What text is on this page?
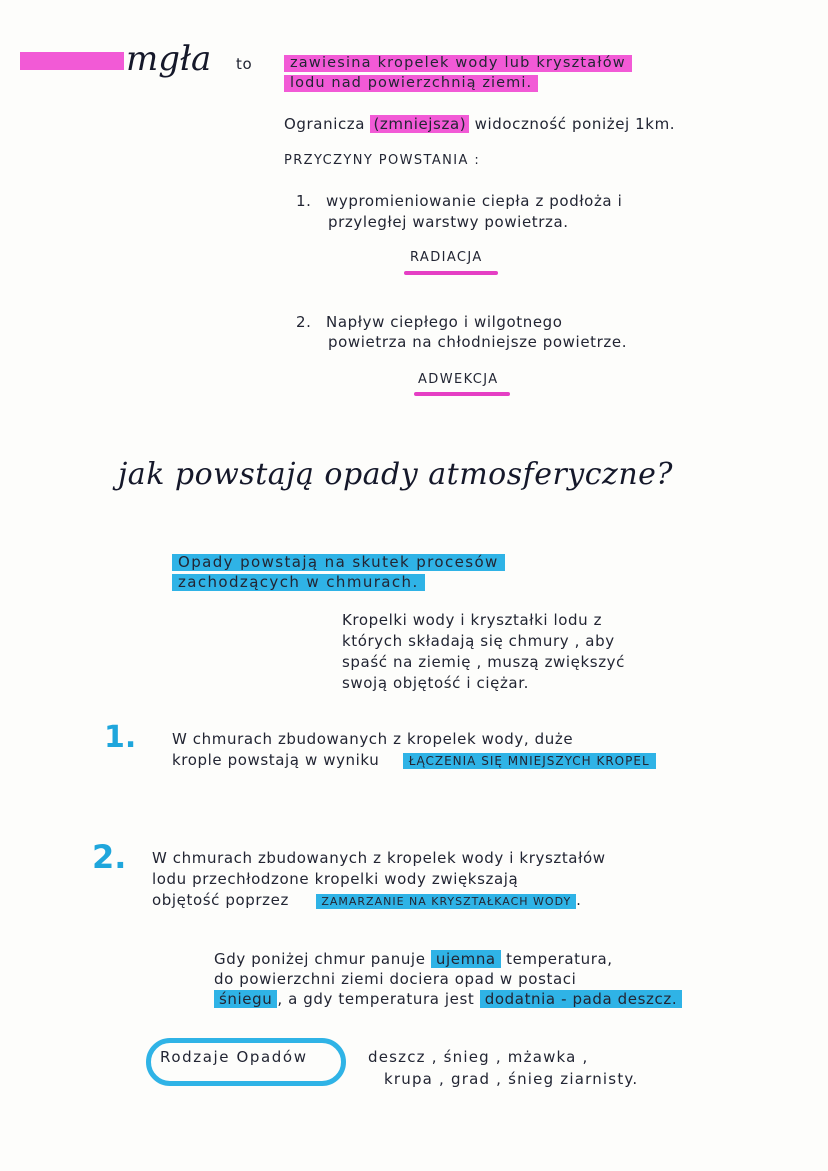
mgła to	zawiesina kropelek wody lub kryształów
lodu nad powierzchnią ziemi.
Ogranicza (zmniejsza) widoczność poniżej 1km.
PRZYCZYNY POWSTANIA :
1. wypromieniowanie ciepła z podłoża i
przyległej warstwy powietrza.
RADIACJA
2. Napływ ciepłego i wilgotnego
powietrza na chłodniejsze powietrze.
ADWEKCJA
jak powstają opady atmosferyczne?
Opady powstają na skutek procesów
zachodzących w chmurach.
Kropelki wody i kryształki lodu z
których składają się chmury , aby
spaść na ziemię , muszą zwiększyć
swoją objętość i ciężar.
1. W chmurach zbudowanych z kropelek wody, duże
krople powstają w wyniku ŁĄCZENIA SIĘ MNIEJSZYCH KROPEL
2. W chmurach zbudowanych z kropelek wody i kryształów
lodu przechłodzone kropelki wody zwiększają
objętość poprzez	ZAMARZANIE NA KRYSZTAŁKACH WODY .
Gdy poniżej chmur panuje ujemna temperatura,
do powierzchni ziemi dociera opad w postaci
śniegu , a gdy temperatura jest dodatnia - pada deszcz.
Rodzaje Opadów	deszcz , śnieg , mżawka ,
krupa , grad , śnieg ziarnisty.
